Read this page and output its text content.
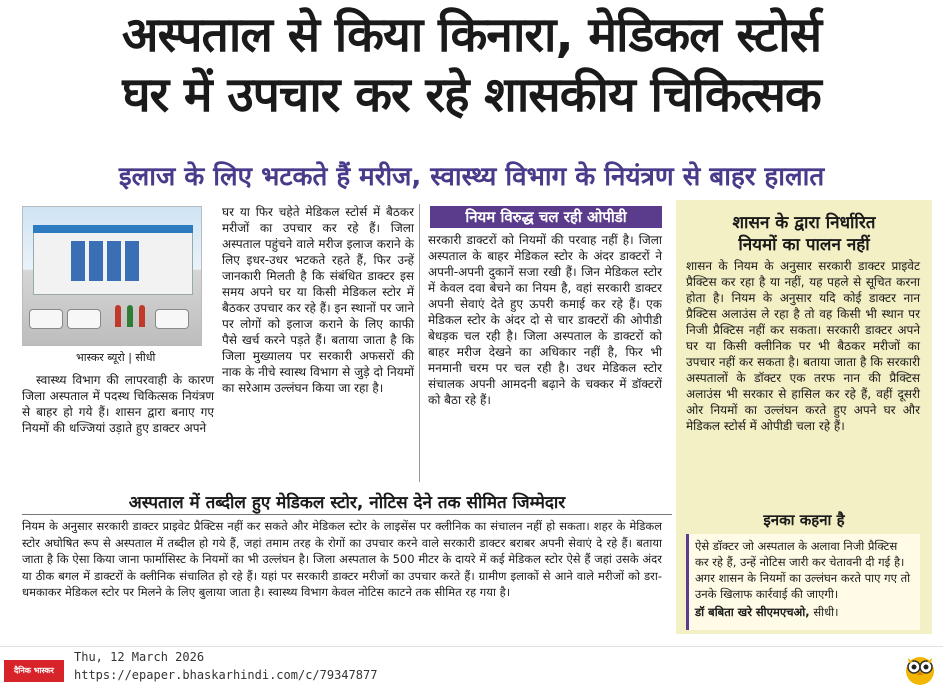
अस्पताल से किया किनारा, मेडिकल स्टोर्स
घर में उपचार कर रहे शासकीय चिकित्सक
इलाज के लिए भटकते हैं मरीज, स्वास्थ्य विभाग के नियंत्रण से बाहर हालात
भास्कर ब्यूरो | सीधी
घर या फिर चहेते मेडिकल स्टोर्स में बैठकर मरीजों का उपचार कर रहे हैं। जिला अस्पताल पहुंचने वाले मरीज इलाज कराने के लिए इधर-उधर भटकते रहते हैं, फिर उन्हें जानकारी मिलती है कि संबंधित डाक्टर इस समय अपने घर या किसी मेडिकल स्टोर में बैठकर उपचार कर रहे हैं। इन स्थानों पर जाने पर लोगों को इलाज कराने के लिए काफी पैसे खर्च करने पड़ते हैं। बताया जाता है कि जिला मुख्यालय पर सरकारी अफसरों की नाक के नीचे स्वास्थ विभाग से जुड़े दो नियमों का सरेआम उल्लंघन किया जा रहा है।
स्वास्थ्य विभाग की लापरवाही के कारण जिला अस्पताल में पदस्थ चिकित्सक नियंत्रण से बाहर हो गये हैं। शासन द्वारा बनाए गए नियमों की धज्जियां उड़ाते हुए डाक्टर अपने
नियम विरुद्ध चल रही ओपीडी
सरकारी डाक्टरों को नियमों की परवाह नहीं है। जिला अस्पताल के बाहर मेडिकल स्टोर के अंदर डाक्टरों ने अपनी-अपनी दुकानें सजा रखी हैं। जिन मेडिकल स्टोर में केवल दवा बेचने का नियम है, वहां सरकारी डाक्टर अपनी सेवाएं देते हुए ऊपरी कमाई कर रहे हैं। एक मेडिकल स्टोर के अंदर दो से चार डाक्टरों की ओपीडी बेधड़क चल रही है। जिला अस्पताल के डाक्टरों को बाहर मरीज देखने का अधिकार नहीं है, फिर भी मनमानी चरम पर चल रही है। उधर मेडिकल स्टोर संचालक अपनी आमदनी बढ़ाने के चक्कर में डॉक्टरों को बैठा रहे हैं।
शासन के द्वारा निर्धारित
नियमों का पालन नहीं
शासन के नियम के अनुसार सरकारी डाक्टर प्राइवेट प्रैक्टिस कर रहा है या नहीं, यह पहले से सूचित करना होता है। नियम के अनुसार यदि कोई डाक्टर नान प्रैक्टिस अलाउंस ले रहा है तो वह किसी भी स्थान पर निजी प्रैक्टिस नहीं कर सकता। सरकारी डाक्टर अपने घर या किसी क्लीनिक पर भी बैठकर मरीजों का उपचार नहीं कर सकता है। बताया जाता है कि सरकारी अस्पतालों के डॉक्टर एक तरफ नान की प्रैक्टिस अलाउंस भी सरकार से हासिल कर रहे हैं, वहीं दूसरी ओर नियमों का उल्लंघन करते हुए अपने घर और मेडिकल स्टोर्स में ओपीडी चला रहे हैं।
इनका कहना है
ऐसे डॉक्टर जो अस्पताल के अलावा निजी प्रैक्टिस कर रहे हैं, उन्हें नोटिस जारी कर चेतावनी दी गई है। अगर शासन के नियमों का उल्लंघन करते पाए गए तो उनके खिलाफ कार्रवाई की जाएगी।
डॉ बबिता खरे सीएमएचओ, सीधी।
अस्पताल में तब्दील हुए मेडिकल स्टोर, नोटिस देने तक सीमित जिम्मेदार
नियम के अनुसार सरकारी डाक्टर प्राइवेट प्रैक्टिस नहीं कर सकते और मेडिकल स्टोर के लाइसेंस पर क्लीनिक का संचालन नहीं हो सकता। शहर के मेडिकल स्टोर अघोषित रूप से अस्पताल में तब्दील हो गये हैं, जहां तमाम तरह के रोगों का उपचार करने वाले सरकारी डाक्टर बराबर अपनी सेवाएं दे रहे हैं। बताया जाता है कि ऐसा किया जाना फार्मासिस्ट के नियमों का भी उल्लंघन है। जिला अस्पताल के 500 मीटर के दायरे में कई मेडिकल स्टोर ऐसे हैं जहां उसके अंदर या ठीक बगल में डाक्टरों के क्लीनिक संचालित हो रहे हैं। यहां पर सरकारी डाक्टर मरीजों का उपचार करते हैं। ग्रामीण इलाकों से आने वाले मरीजों को डरा-धमकाकर मेडिकल स्टोर पर मिलने के लिए बुलाया जाता है। स्वास्थ्य विभाग केवल नोटिस काटने तक सीमित रह गया है।
दैनिक भास्कर
Thu, 12 March 2026
https://epaper.bhaskarhindi.com/c/79347877
